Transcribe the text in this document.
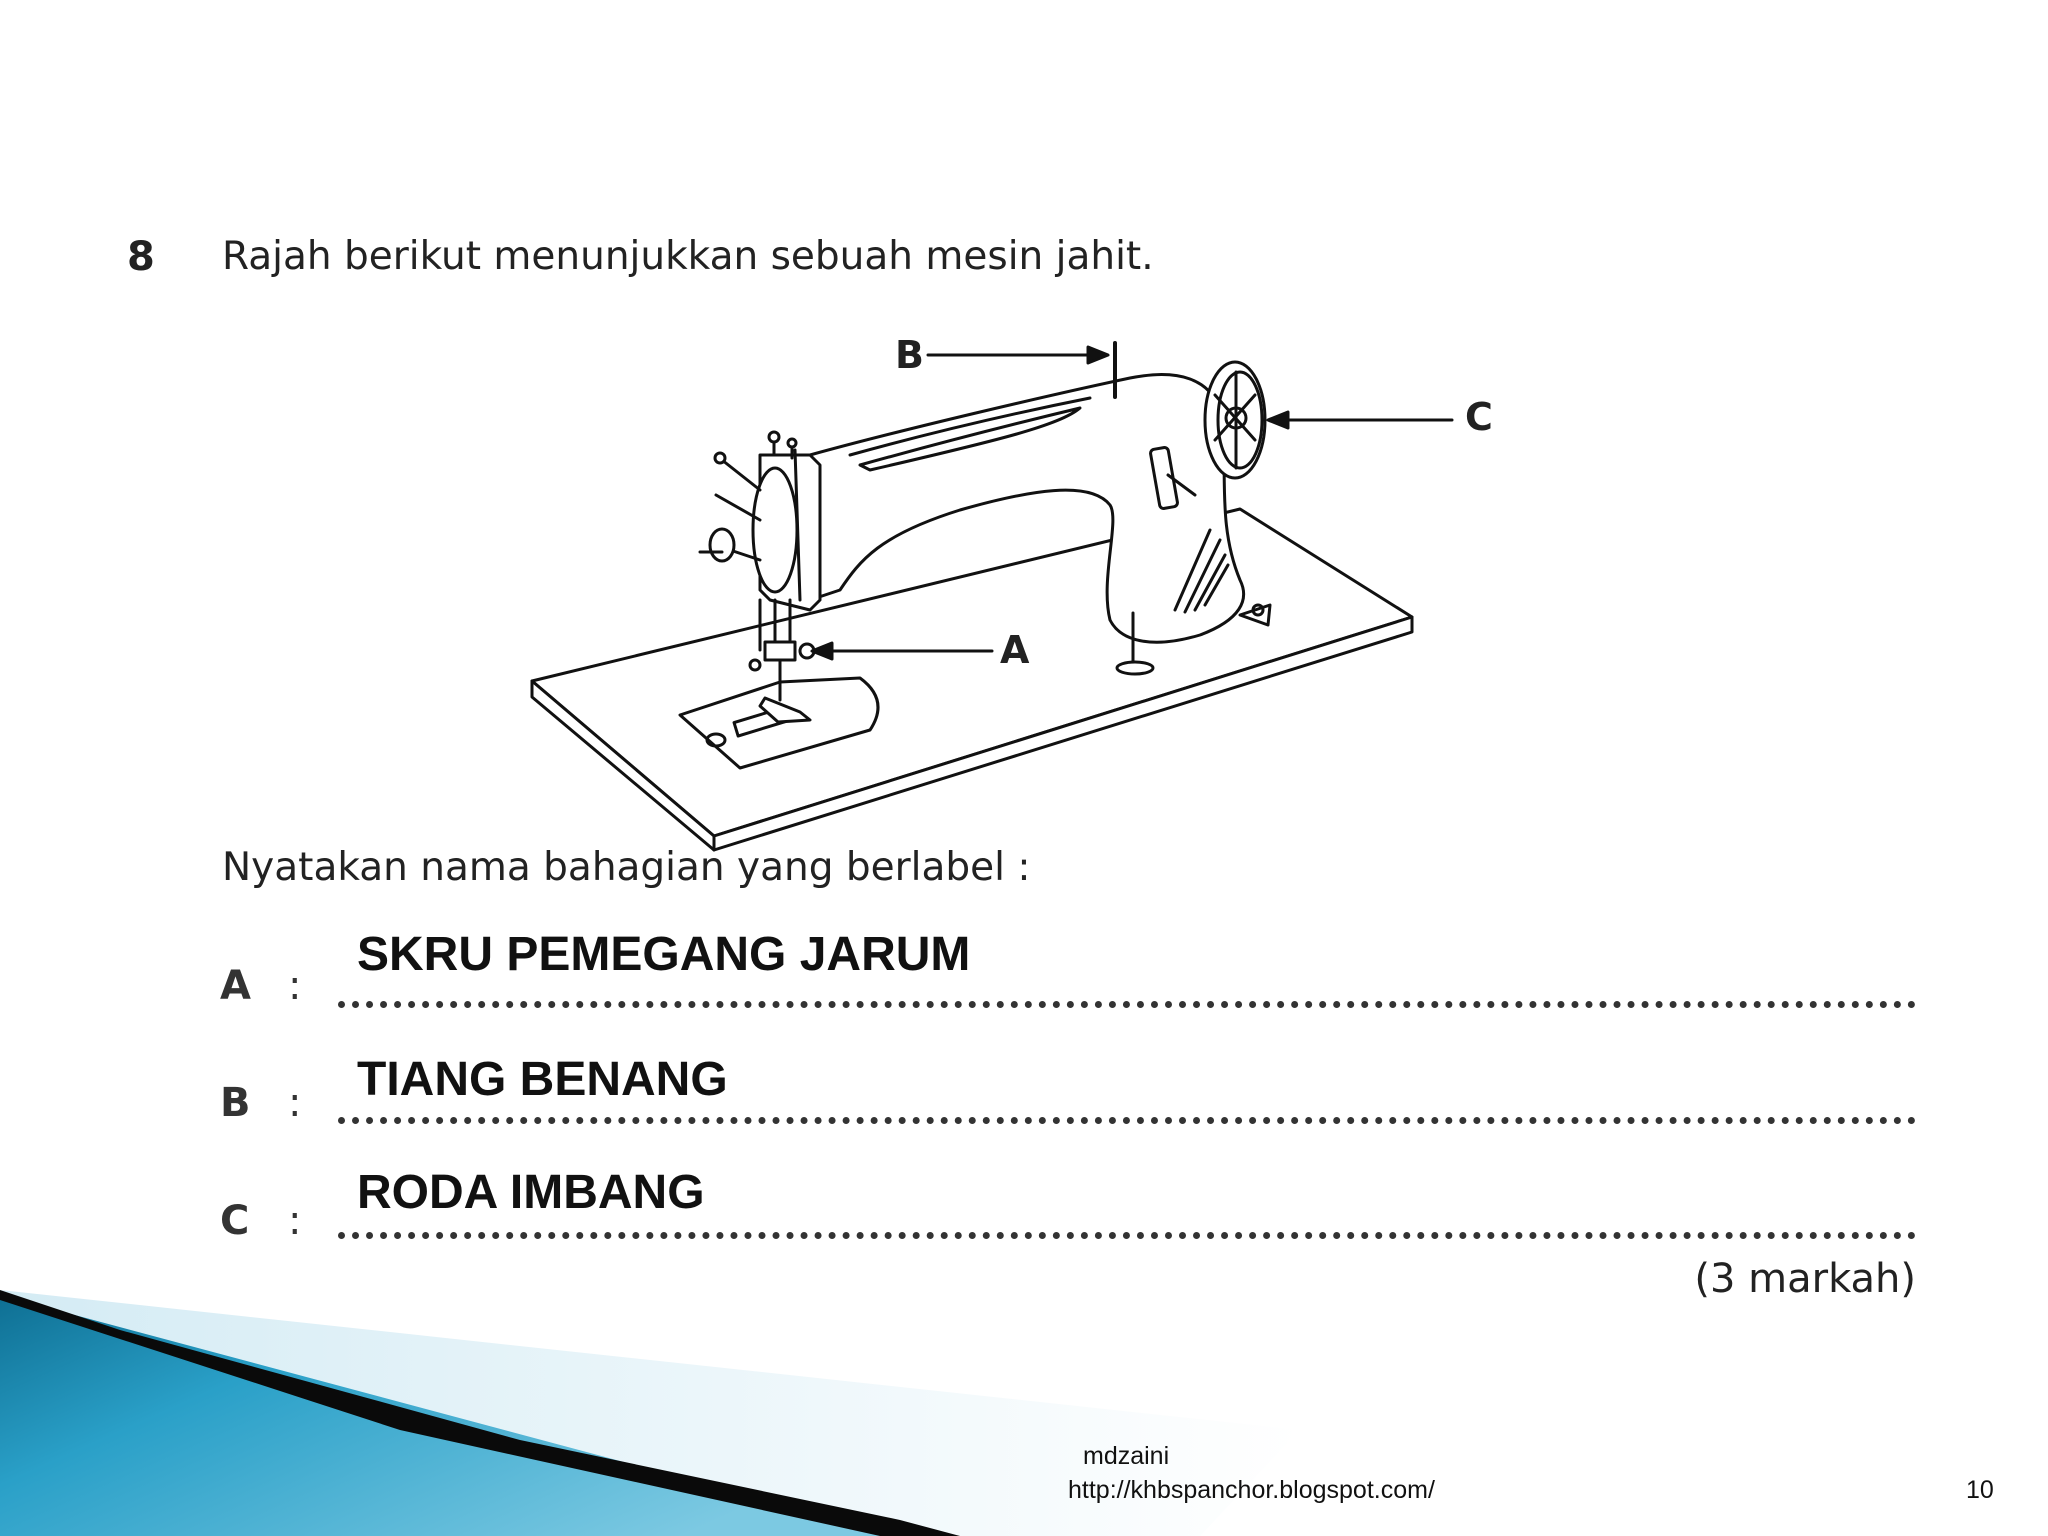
8 Rajah berikut menunjukkan sebuah mesin jahit.
B
C
A
Nyatakan nama bahagian yang berlabel :
SKRU PEMEGANG JARUM
A :
TIANG BENANG
B :
RODA IMBANG
C :
(3 markah)
mdzaini
http://khbspanchor.blogspot.com/	10
